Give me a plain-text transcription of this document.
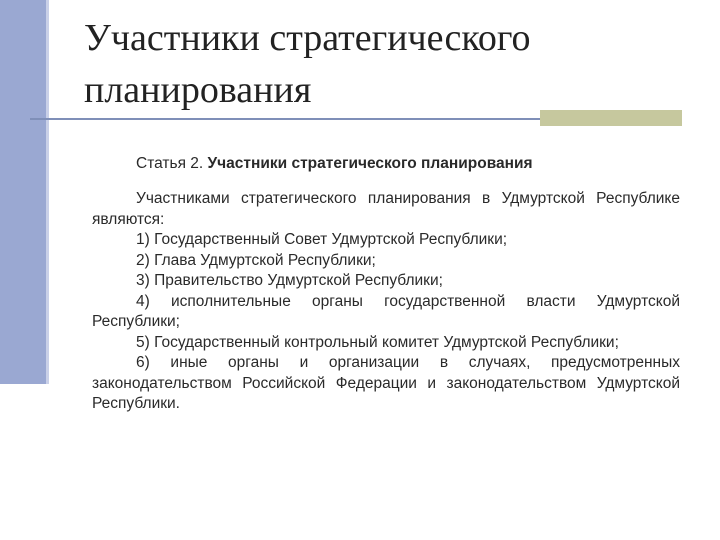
Участники стратегического планирования

Статья 2. Участники стратегического планирования

Участниками стратегического планирования в Удмуртской Республике являются:

1) Государственный Совет Удмуртской Республики;

2) Глава Удмуртской Республики;

3) Правительство Удмуртской Республики;

4) исполнительные органы государственной власти Удмуртской Республики;

5) Государственный контрольный комитет Удмуртской Республики;

6) иные органы и организации в случаях, предусмотренных законодательством Российской Федерации и законодательством Удмуртской Республики.
